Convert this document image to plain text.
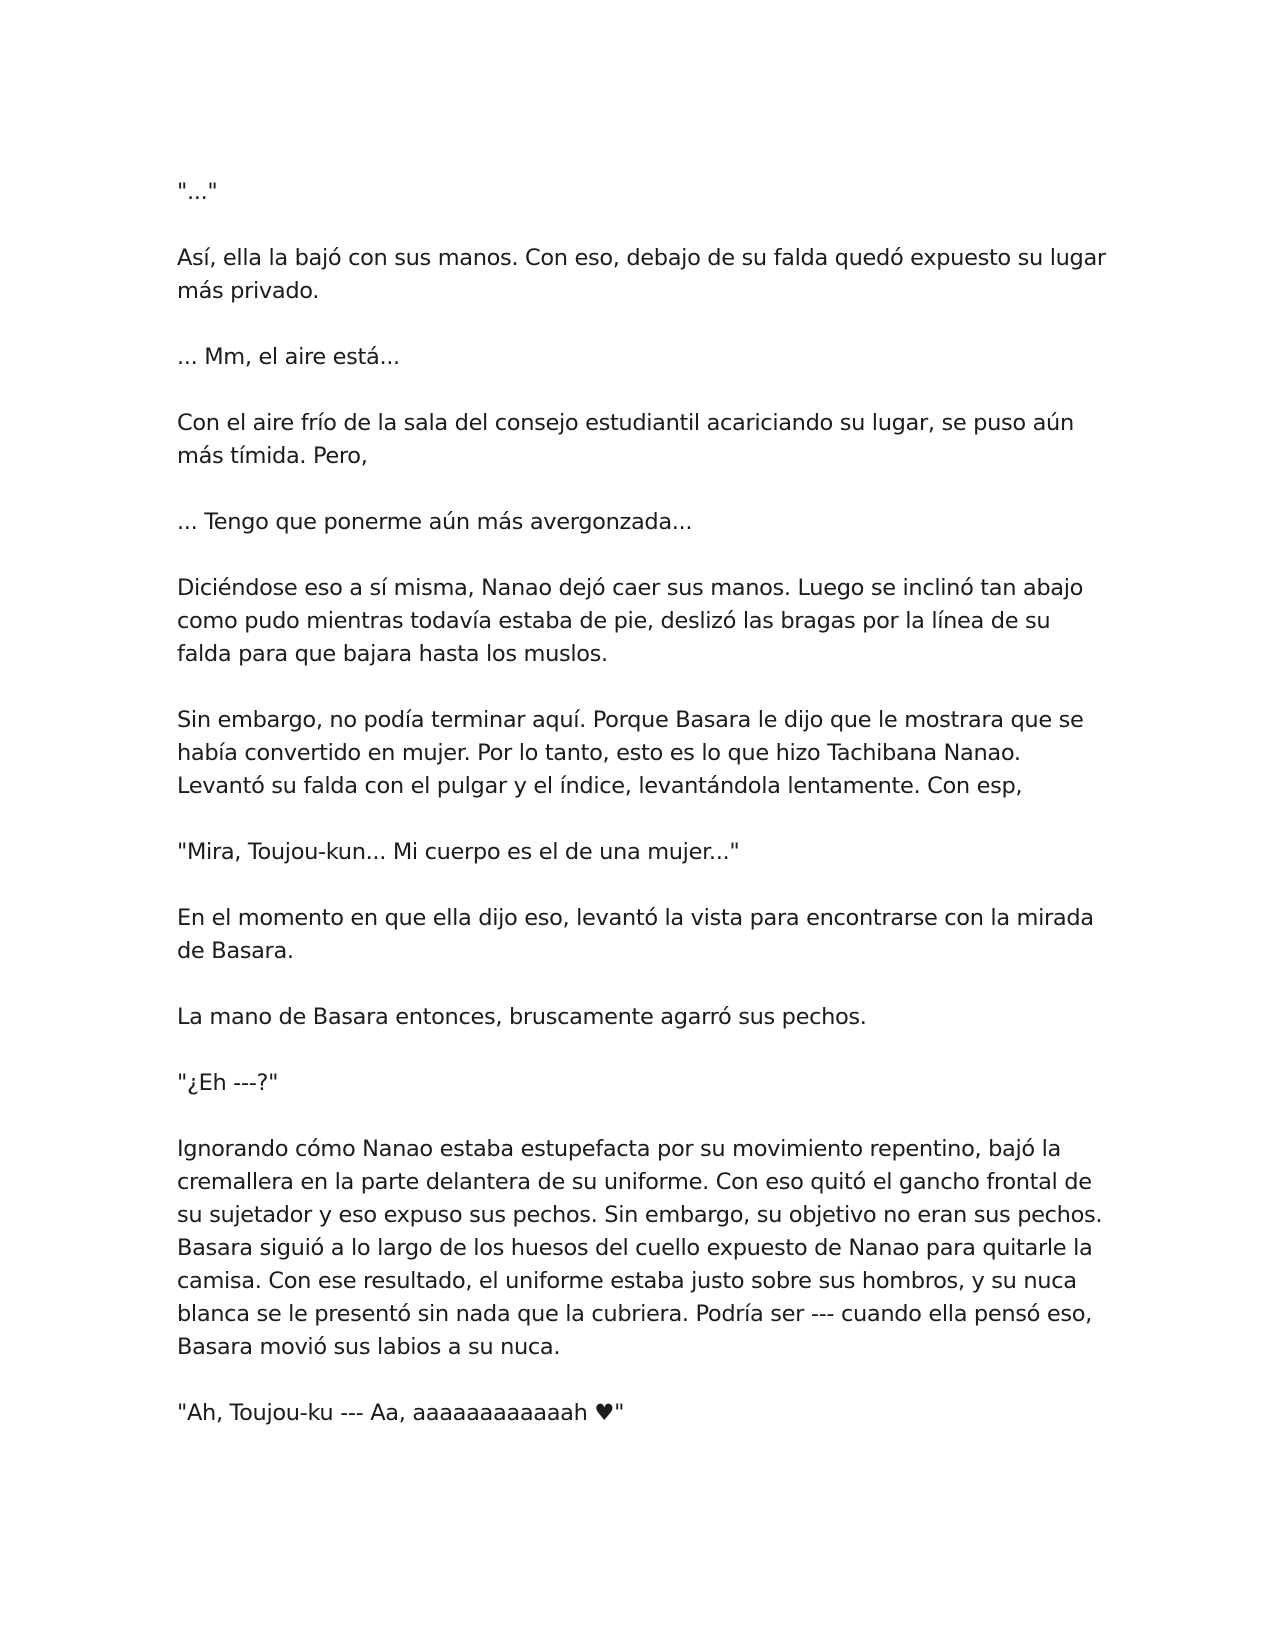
"..."

Así, ella la bajó con sus manos. Con eso, debajo de su falda quedó expuesto su lugar más privado.

... Mm, el aire está...

Con el aire frío de la sala del consejo estudiantil acariciando su lugar, se puso aún más tímida. Pero,

... Tengo que ponerme aún más avergonzada...

Diciéndose eso a sí misma, Nanao dejó caer sus manos. Luego se inclinó tan abajo como pudo mientras todavía estaba de pie, deslizó las bragas por la línea de su falda para que bajara hasta los muslos.

Sin embargo, no podía terminar aquí. Porque Basara le dijo que le mostrara que se había convertido en mujer. Por lo tanto, esto es lo que hizo Tachibana Nanao. Levantó su falda con el pulgar y el índice, levantándola lentamente. Con esp,

"Mira, Toujou-kun... Mi cuerpo es el de una mujer..."

En el momento en que ella dijo eso, levantó la vista para encontrarse con la mirada de Basara.

La mano de Basara entonces, bruscamente agarró sus pechos.

"¿Eh ---?"

Ignorando cómo Nanao estaba estupefacta por su movimiento repentino, bajó la cremallera en la parte delantera de su uniforme. Con eso quitó el gancho frontal de su sujetador y eso expuso sus pechos. Sin embargo, su objetivo no eran sus pechos. Basara siguió a lo largo de los huesos del cuello expuesto de Nanao para quitarle la camisa. Con ese resultado, el uniforme estaba justo sobre sus hombros, y su nuca blanca se le presentó sin nada que la cubriera. Podría ser --- cuando ella pensó eso, Basara movió sus labios a su nuca.

"Ah, Toujou-ku --- Aa, aaaaaaaaaaaah ♥"
